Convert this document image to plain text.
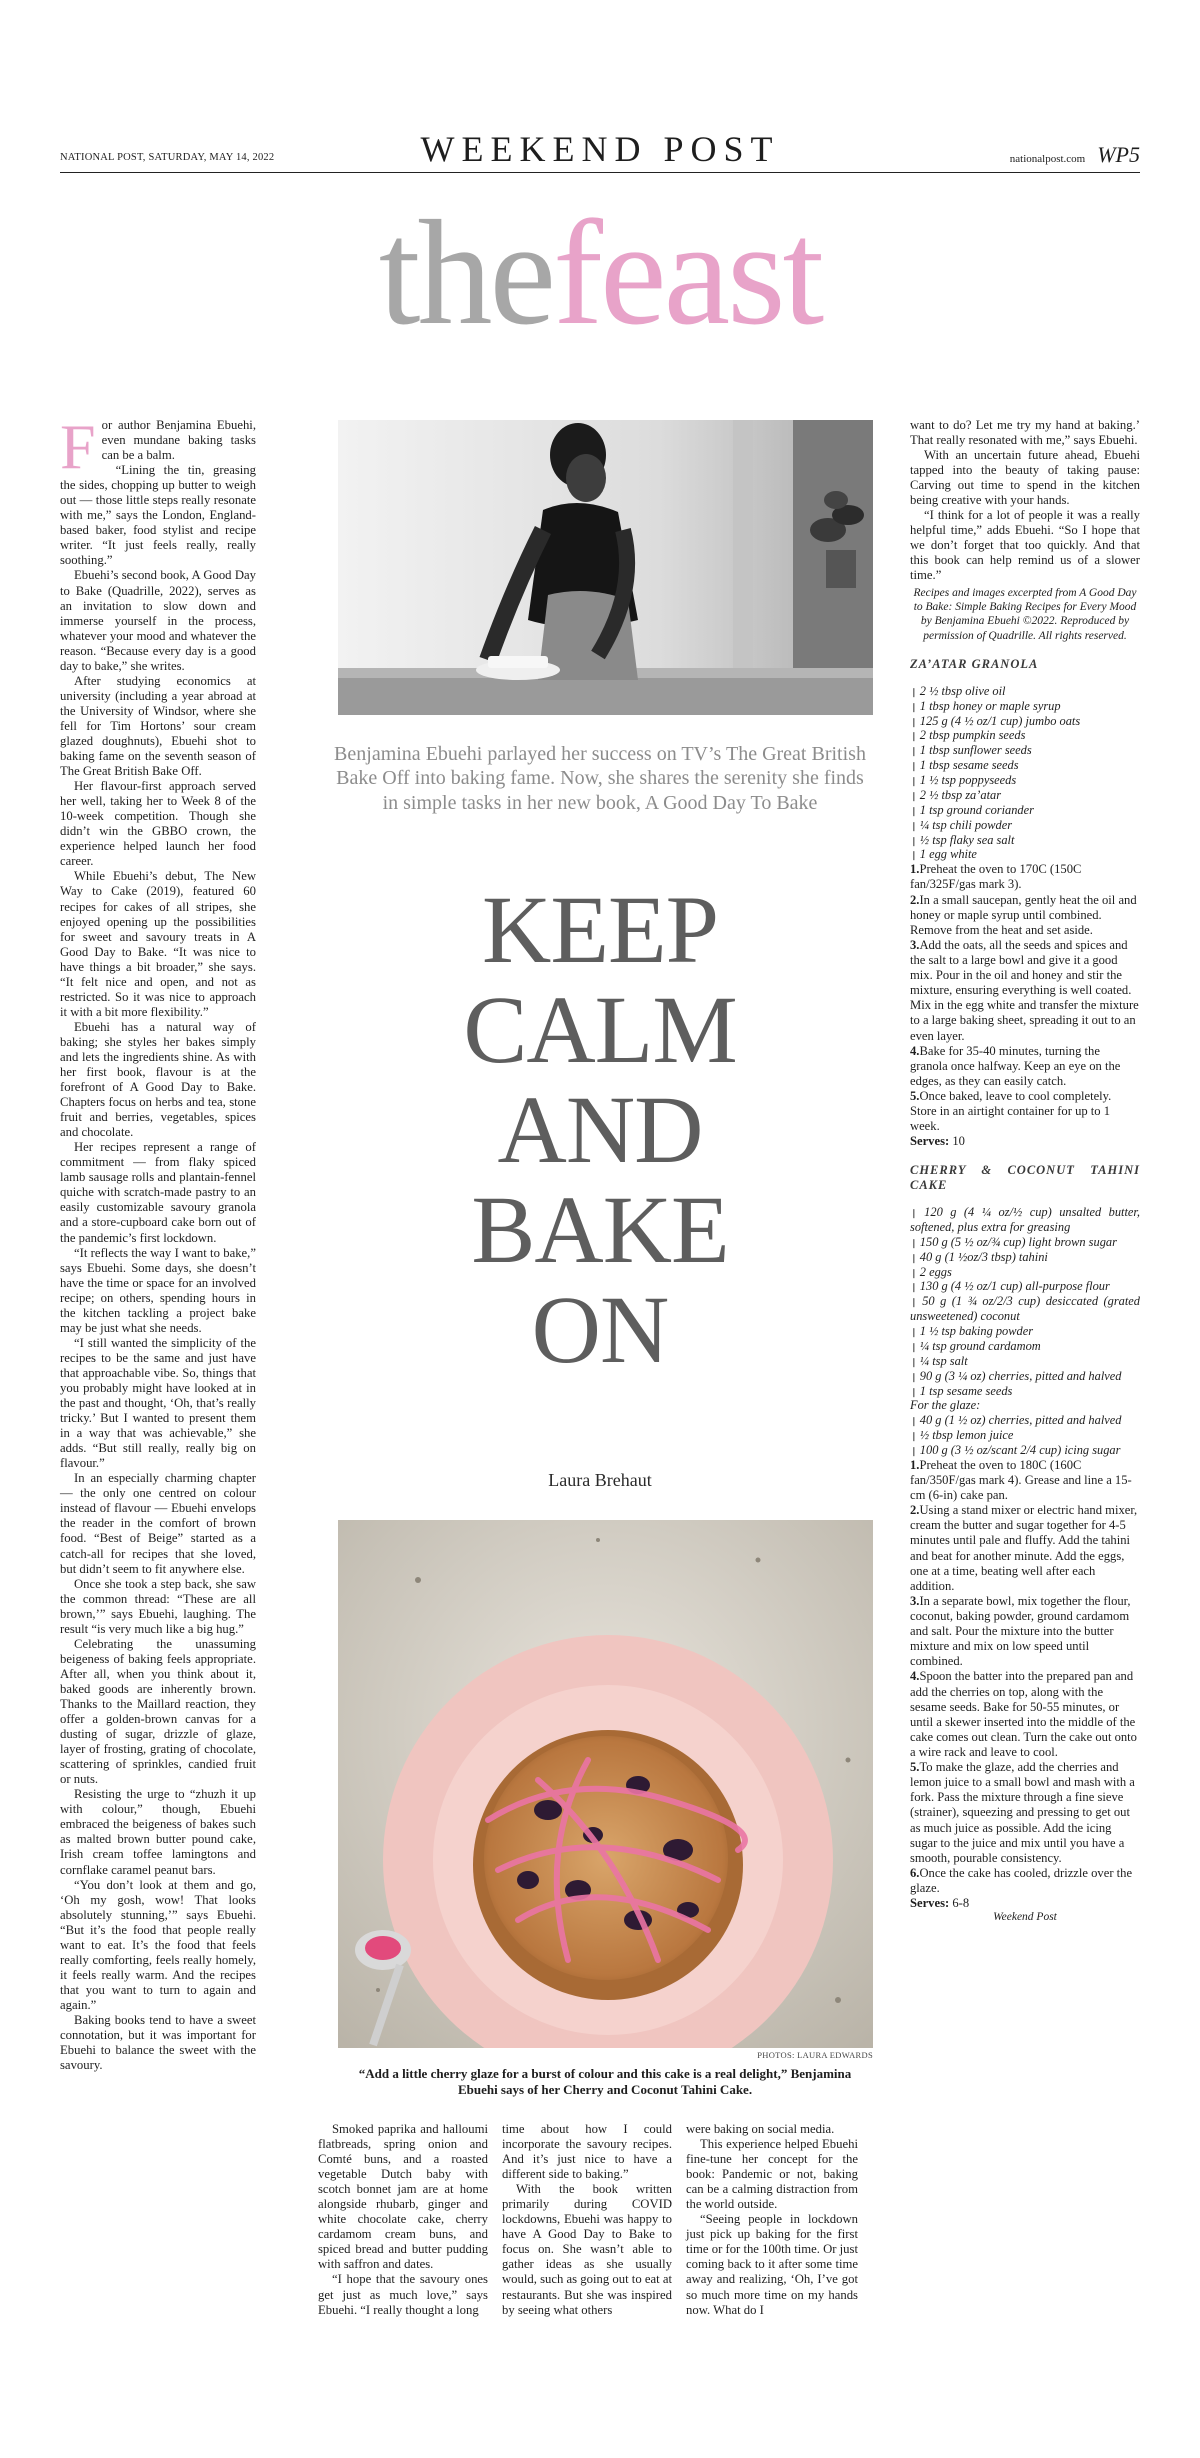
NATIONAL POST, SATURDAY, MAY 14, 2022	WEEKEND POST	nationalpost.com WP5
thefeast

For author Benjamina Ebuehi, even mundane baking tasks can be a balm.

“Lining the tin, greasing the sides, chopping up butter to weigh out — those little steps really resonate with me,” says the London, England-based baker, food stylist and recipe writer. “It just feels really, really soothing.”

Ebuehi’s second book, A Good Day to Bake (Quadrille, 2022), serves as an invitation to slow down and immerse yourself in the process, whatever your mood and whatever the reason. “Because every day is a good day to bake,” she writes.

After studying economics at university (including a year abroad at the University of Windsor, where she fell for Tim Hortons’ sour cream glazed doughnuts), Ebuehi shot to baking fame on the seventh season of The Great British Bake Off.

Her flavour-first approach served her well, taking her to Week 8 of the 10-week competition. Though she didn’t win the GBBO crown, the experience helped launch her food career.

While Ebuehi’s debut, The New Way to Cake (2019), featured 60 recipes for cakes of all stripes, she enjoyed opening up the possibilities for sweet and savoury treats in A Good Day to Bake. “It was nice to have things a bit broader,” she says. “It felt nice and open, and not as restricted. So it was nice to approach it with a bit more flexibility.”

Ebuehi has a natural way of baking; she styles her bakes simply and lets the ingredients shine. As with her first book, flavour is at the forefront of A Good Day to Bake. Chapters focus on herbs and tea, stone fruit and berries, vegetables, spices and chocolate.

Her recipes represent a range of commitment — from flaky spiced lamb sausage rolls and plantain-fennel quiche with scratch-made pastry to an easily customizable savoury granola and a store-cupboard cake born out of the pandemic’s first lockdown.

“It reflects the way I want to bake,” says Ebuehi. Some days, she doesn’t have the time or space for an involved recipe; on others, spending hours in the kitchen tackling a project bake may be just what she needs.

“I still wanted the simplicity of the recipes to be the same and just have that approachable vibe. So, things that you probably might have looked at in the past and thought, ‘Oh, that’s really tricky.’ But I wanted to present them in a way that was achievable,” she adds. “But still really, really big on flavour.”

In an especially charming chapter — the only one centred on colour instead of flavour — Ebuehi envelops the reader in the comfort of brown food. “Best of Beige” started as a catch-all for recipes that she loved, but didn’t seem to fit anywhere else.

Once she took a step back, she saw the common thread: “These are all brown,’” says Ebuehi, laughing. The result “is very much like a big hug.”

Celebrating the unassuming beigeness of baking feels appropriate. After all, when you think about it, baked goods are inherently brown. Thanks to the Maillard reaction, they offer a golden-brown canvas for a dusting of sugar, drizzle of glaze, layer of frosting, grating of chocolate, scattering of sprinkles, candied fruit or nuts.

Resisting the urge to “zhuzh it up with colour,” though, Ebuehi embraced the beigeness of bakes such as malted brown butter pound cake, Irish cream toffee lamingtons and cornflake caramel peanut bars.

“You don’t look at them and go, ‘Oh my gosh, wow! That looks absolutely stunning,’” says Ebuehi. “But it’s the food that people really want to eat. It’s the food that feels really comforting, feels really homely, it feels really warm. And the recipes that you want to turn to again and again.”

Baking books tend to have a sweet connotation, but it was important for Ebuehi to balance the sweet with the savoury.

Benjamina Ebuehi parlayed her success on TV’s The Great British Bake Off into baking fame. Now, she shares the serenity she finds in simple tasks in her new book, A Good Day To Bake
KEEP
CALM
AND
BAKE
ON
Laura Brehaut
PHOTOS: LAURA EDWARDS
“Add a little cherry glaze for a burst of colour and this cake is a real delight,” Benjamina Ebuehi says of her Cherry and Coconut Tahini Cake.

Smoked paprika and halloumi flatbreads, spring onion and Comté buns, and a roasted vegetable Dutch baby with scotch bonnet jam are at home alongside rhubarb, ginger and white chocolate cake, cherry cardamom cream buns, and spiced bread and butter pudding with saffron and dates.

“I hope that the savoury ones get just as much love,” says Ebuehi. “I really thought a long

time about how I could incorporate the savoury recipes. And it’s just nice to have a different side to baking.”

With the book written primarily during COVID lockdowns, Ebuehi was happy to have A Good Day to Bake to focus on. She wasn’t able to gather ideas as she usually would, such as going out to eat at restaurants. But she was inspired by seeing what others

were baking on social media.

This experience helped Ebuehi fine-tune her concept for the book: Pandemic or not, baking can be a calming distraction from the world outside.

“Seeing people in lockdown just pick up baking for the first time or for the 100th time. Or just coming back to it after some time away and realizing, ‘Oh, I’ve got so much more time on my hands now. What do I

want to do? Let me try my hand at baking.’ That really resonated with me,” says Ebuehi.

With an uncertain future ahead, Ebuehi tapped into the beauty of taking pause: Carving out time to spend in the kitchen being creative with your hands.

“I think for a lot of people it was a really helpful time,” adds Ebuehi. “So I hope that we don’t forget that too quickly. And that this book can help remind us of a slower time.”

Recipes and images excerpted from A Good Day to Bake: Simple Baking Recipes for Every Mood by Benjamina Ebuehi ©2022. Reproduced by permission of Quadrille. All rights reserved.
ZA’ATAR GRANOLA
❙ 2 ½ tbsp olive oil
❙ 1 tbsp honey or maple syrup
❙ 125 g (4 ½ oz/1 cup) jumbo oats
❙ 2 tbsp pumpkin seeds
❙ 1 tbsp sunflower seeds
❙ 1 tbsp sesame seeds
❙ 1 ½ tsp poppyseeds
❙ 2 ½ tbsp za’atar
❙ 1 tsp ground coriander
❙ ¼ tsp chili powder
❙ ½ tsp flaky sea salt
❙ 1 egg white
1.Preheat the oven to 170C (150C fan/325F/gas mark 3).
2.In a small saucepan, gently heat the oil and honey or maple syrup until combined. Remove from the heat and set aside.
3.Add the oats, all the seeds and spices and the salt to a large bowl and give it a good mix. Pour in the oil and honey and stir the mixture, ensuring everything is well coated. Mix in the egg white and transfer the mixture to a large baking sheet, spreading it out to an even layer.
4.Bake for 35-40 minutes, turning the granola once halfway. Keep an eye on the edges, as they can easily catch.
5.Once baked, leave to cool completely. Store in an airtight container for up to 1 week.
Serves: 10
CHERRY & COCONUT TAHINI CAKE
❙ 120 g (4 ¼ oz/½ cup) unsalted butter, softened, plus extra for greasing
❙ 150 g (5 ½ oz/¾ cup) light brown sugar
❙ 40 g (1 ½oz/3 tbsp) tahini
❙ 2 eggs
❙ 130 g (4 ½ oz/1 cup) all-purpose flour
❙ 50 g (1 ¾ oz/2/3 cup) desiccated (grated unsweetened) coconut
❙ 1 ½ tsp baking powder
❙ ¼ tsp ground cardamom
❙ ¼ tsp salt
❙ 90 g (3 ¼ oz) cherries, pitted and halved
❙ 1 tsp sesame seeds
For the glaze:
❙ 40 g (1 ½ oz) cherries, pitted and halved
❙ ½ tbsp lemon juice
❙ 100 g (3 ½ oz/scant 2/4 cup) icing sugar
1.Preheat the oven to 180C (160C fan/350F/gas mark 4). Grease and line a 15-cm (6-in) cake pan.
2.Using a stand mixer or electric hand mixer, cream the butter and sugar together for 4-5 minutes until pale and fluffy. Add the tahini and beat for another minute. Add the eggs, one at a time, beating well after each addition.
3.In a separate bowl, mix together the flour, coconut, baking powder, ground cardamom and salt. Pour the mixture into the butter mixture and mix on low speed until combined.
4.Spoon the batter into the prepared pan and add the cherries on top, along with the sesame seeds. Bake for 50-55 minutes, or until a skewer inserted into the middle of the cake comes out clean. Turn the cake out onto a wire rack and leave to cool.
5.To make the glaze, add the cherries and lemon juice to a small bowl and mash with a fork. Pass the mixture through a fine sieve (strainer), squeezing and pressing to get out as much juice as possible. Add the icing sugar to the juice and mix until you have a smooth, pourable consistency.
6.Once the cake has cooled, drizzle over the glaze.
Serves: 6-8
Weekend Post
